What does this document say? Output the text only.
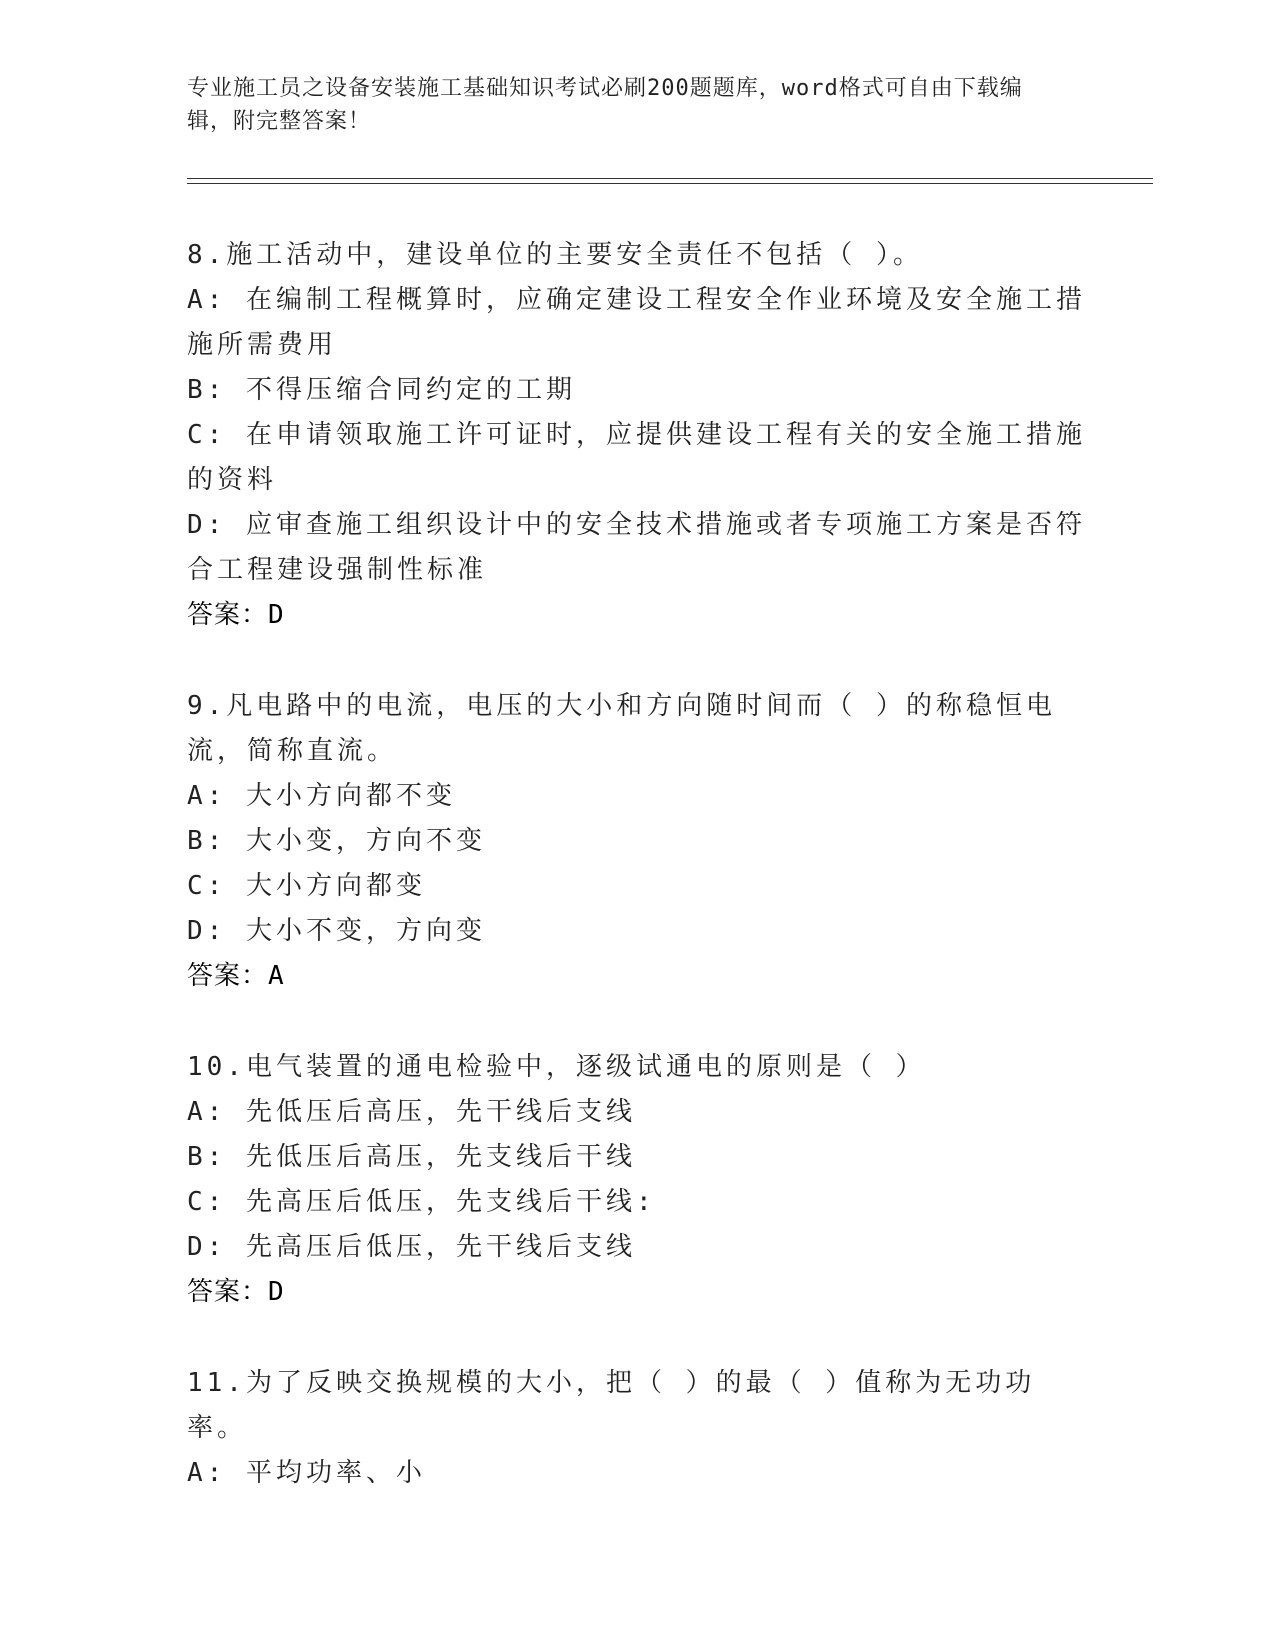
专业施工员之设备安装施工基础知识考试必刷200题题库，word格式可自由下载编辑，附完整答案！
8.施工活动中，建设单位的主要安全责任不包括（ ）。
A: 在编制工程概算时，应确定建设工程安全作业环境及安全施工措施所需费用
B: 不得压缩合同约定的工期
C: 在申请领取施工许可证时，应提供建设工程有关的安全施工措施的资料
D: 应审查施工组织设计中的安全技术措施或者专项施工方案是否符合工程建设强制性标准
答案：D
9.凡电路中的电流，电压的大小和方向随时间而（ ）的称稳恒电流，简称直流。
A: 大小方向都不变
B: 大小变，方向不变
C: 大小方向都变
D: 大小不变，方向变
答案：A
10.电气装置的通电检验中，逐级试通电的原则是（ ）
A: 先低压后高压，先干线后支线
B: 先低压后高压，先支线后干线
C: 先高压后低压，先支线后干线:
D: 先高压后低压，先干线后支线
答案：D
11.为了反映交换规模的大小，把（ ）的最（ ）值称为无功功率。
A: 平均功率、小
